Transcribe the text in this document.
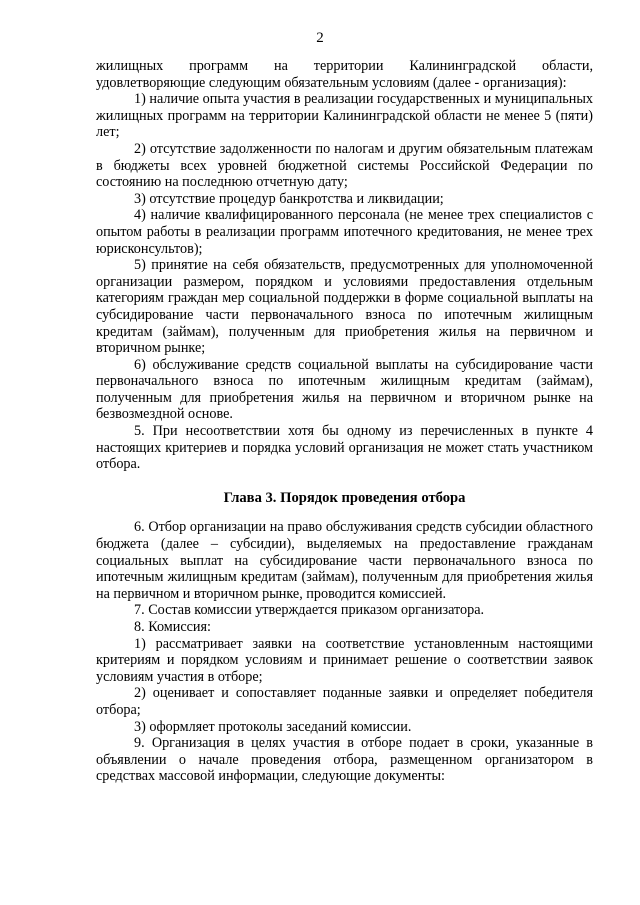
2

жилищных программ на территории Калининградской области, удовлетворяющие следующим обязательным условиям (далее - организация):

1) наличие опыта участия в реализации государственных и муниципальных жилищных программ на территории Калининградской области не менее 5 (пяти) лет;

2) отсутствие задолженности по налогам и другим обязательным платежам в бюджеты всех уровней бюджетной системы Российской Федерации по состоянию на последнюю отчетную дату;

3) отсутствие процедур банкротства и ликвидации;

4) наличие квалифицированного персонала (не менее трех специалистов с опытом работы в реализации программ ипотечного кредитования, не менее трех юрисконсультов);

5) принятие на себя обязательств, предусмотренных для уполномоченной организации размером, порядком и условиями предоставления отдельным категориям граждан мер социальной поддержки в форме социальной выплаты на субсидирование части первоначального взноса по ипотечным жилищным кредитам (займам), полученным для приобретения жилья на первичном и вторичном рынке;

6) обслуживание средств социальной выплаты на субсидирование части первоначального взноса по ипотечным жилищным кредитам (займам), полученным для приобретения жилья на первичном и вторичном рынке на безвозмездной основе.

5. При несоответствии хотя бы одному из перечисленных в пункте 4 настоящих критериев и порядка условий организация не может стать участником отбора.

Глава 3. Порядок проведения отбора

6. Отбор организации на право обслуживания средств субсидии областного бюджета (далее – субсидии), выделяемых на предоставление гражданам социальных выплат на субсидирование части первоначального взноса по ипотечным жилищным кредитам (займам), полученным для приобретения жилья на первичном и вторичном рынке, проводится комиссией.

7. Состав комиссии утверждается приказом организатора.

8. Комиссия:

1) рассматривает заявки на соответствие установленным настоящими критериям и порядком условиям и принимает решение о соответствии заявок условиям участия в отборе;

2) оценивает и сопоставляет поданные заявки и определяет победителя отбора;

3) оформляет протоколы заседаний комиссии.

9. Организация в целях участия в отборе подает в сроки, указанные в объявлении о начале проведения отбора, размещенном организатором в средствах массовой информации, следующие документы:
